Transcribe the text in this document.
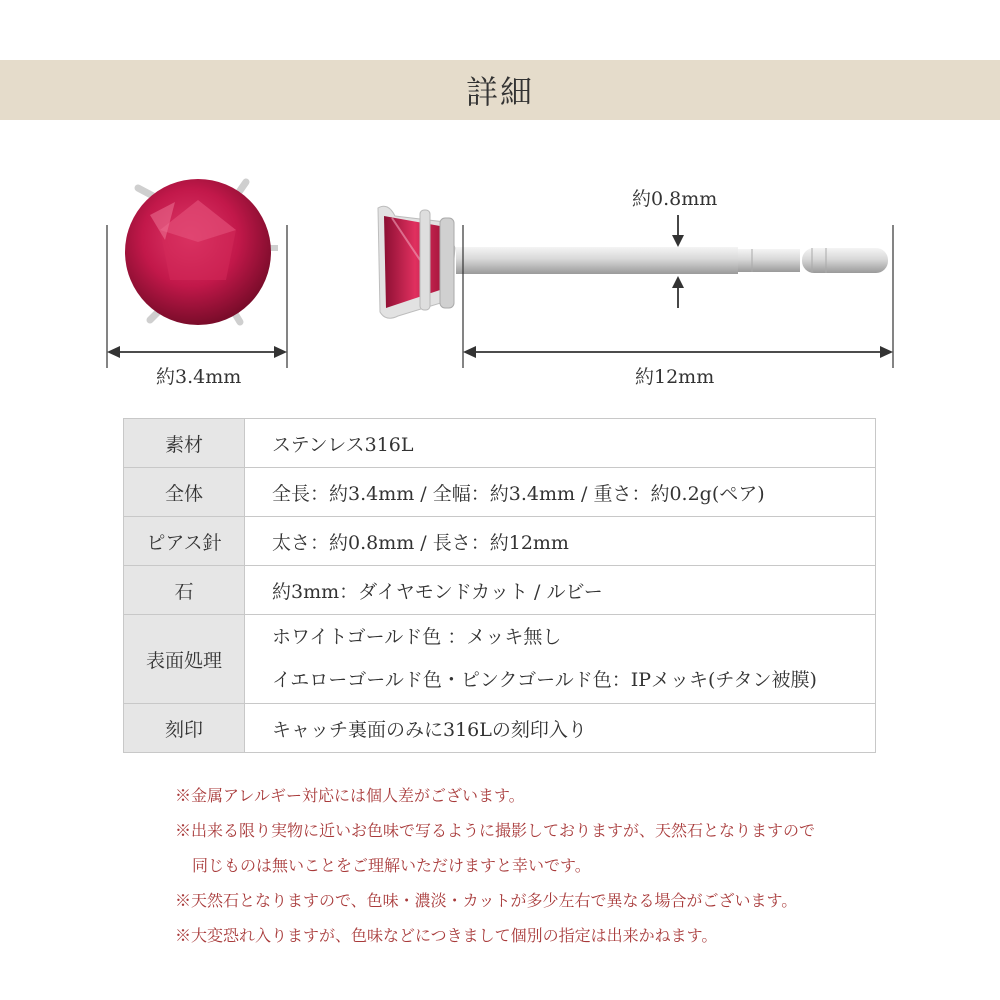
詳細
約3.4mm
約0.8mm
約12mm
素材	ステンレス316L
全体	全長：約3.4mm / 全幅：約3.4mm / 重さ：約0.2g(ペア)
ピアス針	太さ：約0.8mm / 長さ：約12mm
石	約3mm：ダイヤモンドカット / ルビー
表面処理	ホワイトゴールド色 ：メッキ無し
イエローゴールド色・ピンクゴールド色：IPメッキ(チタン被膜)

刻印	キャッチ裏面のみに316Lの刻印入り

※金属アレルギー対応には個人差がございます。

※出来る限り実物に近いお色味で写るように撮影しておりますが、天然石となりますので

同じものは無いことをご理解いただけますと幸いです。

※天然石となりますので、色味・濃淡・カットが多少左右で異なる場合がございます。

※大変恐れ入りますが、色味などにつきまして個別の指定は出来かねます。
